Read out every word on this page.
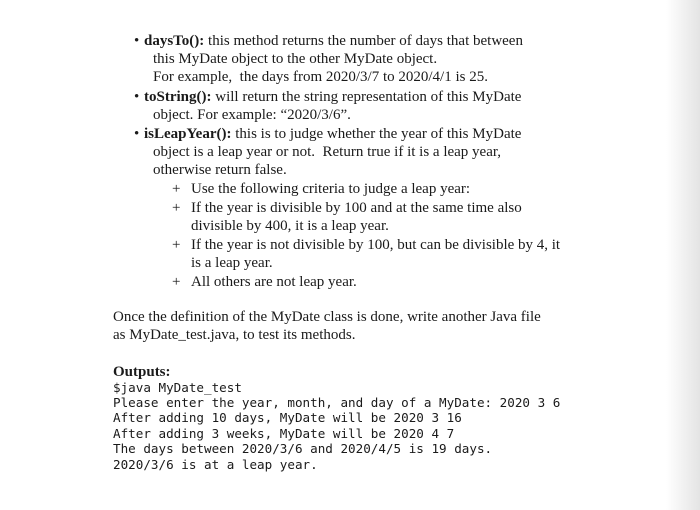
• daysTo(): this method returns the number of days that between
this MyDate object to the other MyDate object.
For example,  the days from 2020/3/7 to 2020/4/1 is 25.
• toString(): will return the string representation of this MyDate
object. For example: “2020/3/6”.
• isLeapYear(): this is to judge whether the year of this MyDate
object is a leap year or not.  Return true if it is a leap year,
otherwise return false.
+ Use the following criteria to judge a leap year:
+ If the year is divisible by 100 and at the same time also
divisible by 400, it is a leap year.
+ If the year is not divisible by 100, but can be divisible by 4, it
is a leap year.
+ All others are not leap year.
Once the definition of the MyDate class is done, write another Java file
as MyDate_test.java, to test its methods.
Outputs:
$java MyDate_test
Please enter the year, month, and day of a MyDate: 2020 3 6
After adding 10 days, MyDate will be 2020 3 16
After adding 3 weeks, MyDate will be 2020 4 7
The days between 2020/3/6 and 2020/4/5 is 19 days.
2020/3/6 is at a leap year.
